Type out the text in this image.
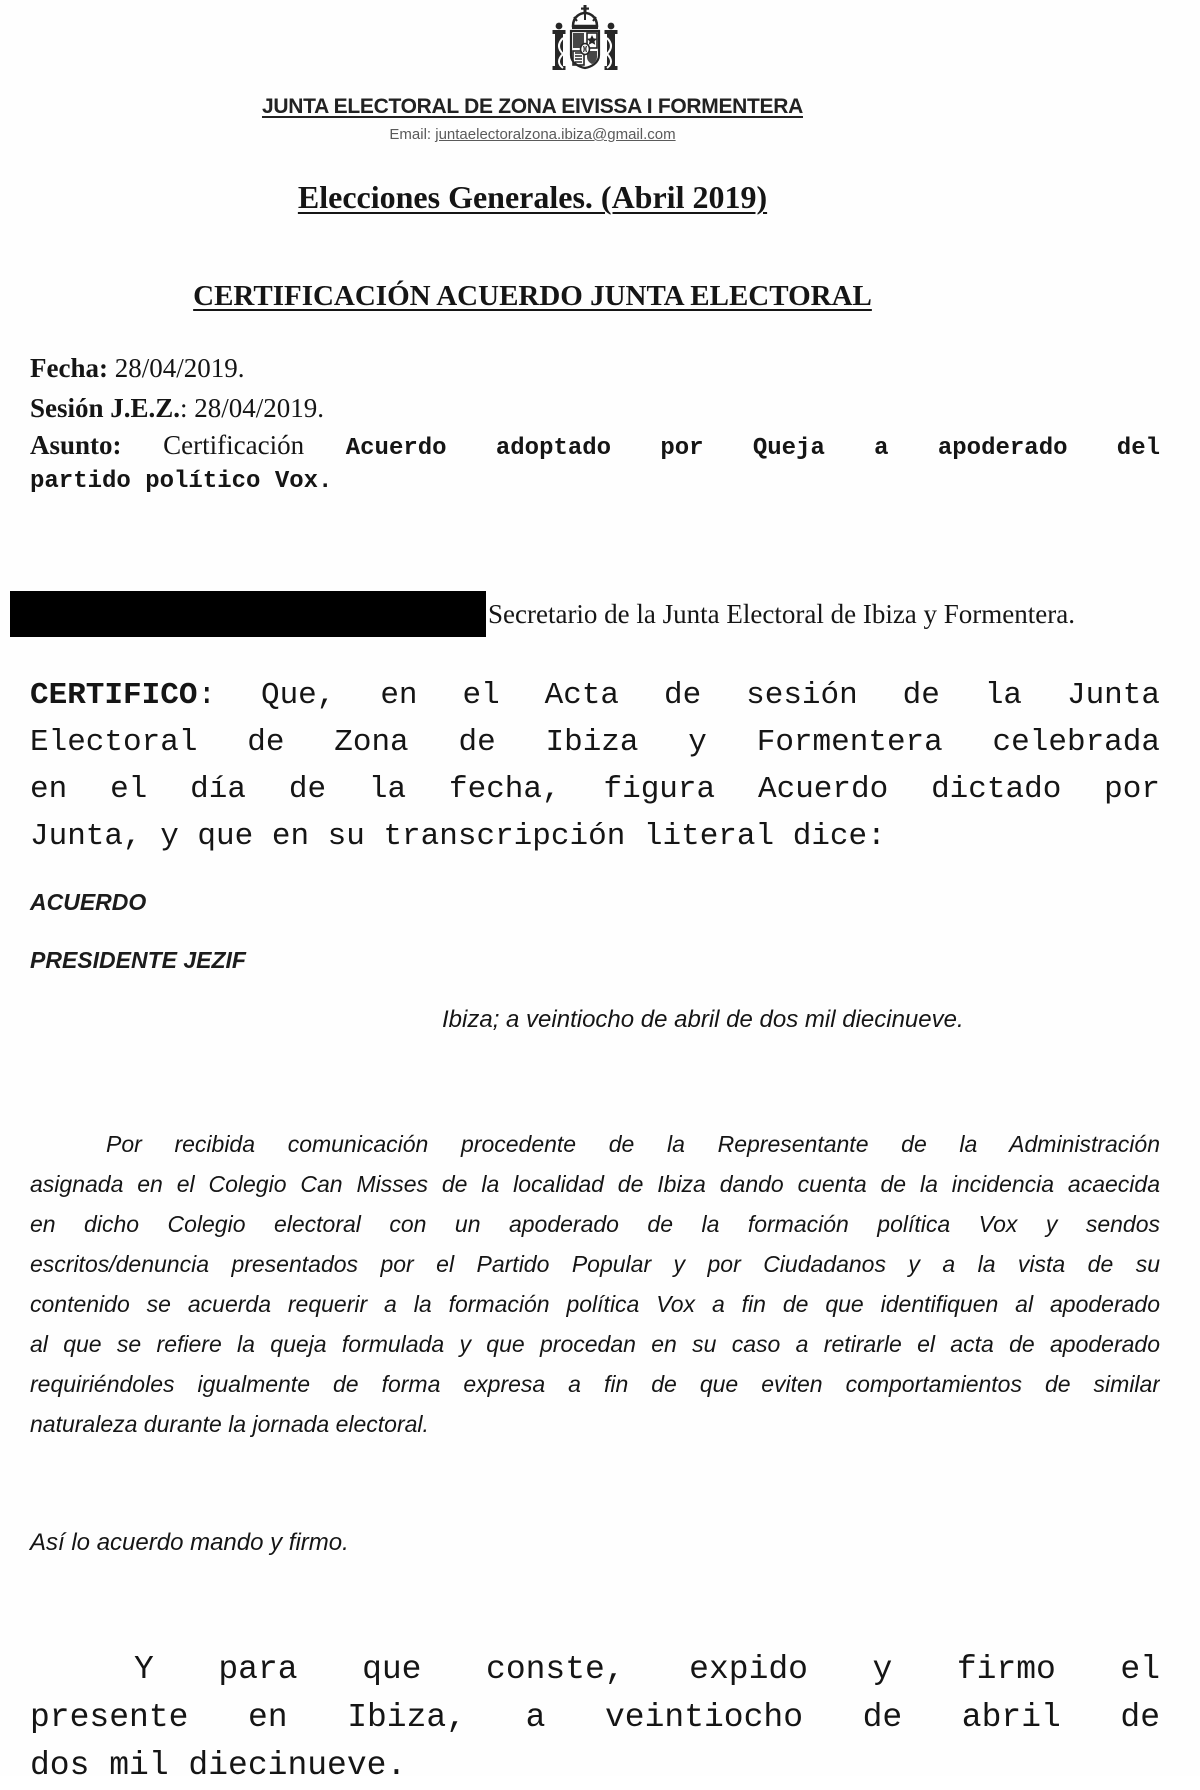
JUNTA ELECTORAL DE ZONA EIVISSA I FORMENTERA
Email: juntaelectoralzona.ibiza@gmail.com
Elecciones Generales. (Abril 2019)
CERTIFICACIÓN ACUERDO JUNTA ELECTORAL
Fecha: 28/04/2019.
Sesión J.E.Z.: 28/04/2019.
Asunto: Certificación Acuerdo adoptado por Queja a apoderado del
partido político Vox.
Secretario de la Junta Electoral de Ibiza y Formentera.
CERTIFICO: Que, en el Acta de sesión de la Junta
Electoral de Zona de Ibiza y Formentera celebrada
en el día de la fecha, figura Acuerdo dictado por
Junta, y que en su transcripción literal dice:
ACUERDO
PRESIDENTE JEZIF
Ibiza; a veintiocho de abril de dos mil diecinueve.
Por recibida comunicación procedente de la Representante de la Administración
asignada en el Colegio Can Misses de la localidad de Ibiza dando cuenta de la incidencia acaecida
en dicho Colegio electoral con un apoderado de la formación política Vox y sendos
escritos/denuncia presentados por el Partido Popular y por Ciudadanos y a la vista de su
contenido se acuerda requerir a la formación política Vox a fin de que identifiquen al apoderado
al que se refiere la queja formulada y que procedan en su caso a retirarle el acta de apoderado
requiriéndoles igualmente de forma expresa a fin de que eviten comportamientos de similar
naturaleza durante la jornada electoral.
Así lo acuerdo mando y firmo.
Y para que conste, expido y firmo el
presente en Ibiza, a veintiocho de abril de
dos mil diecinueve.
